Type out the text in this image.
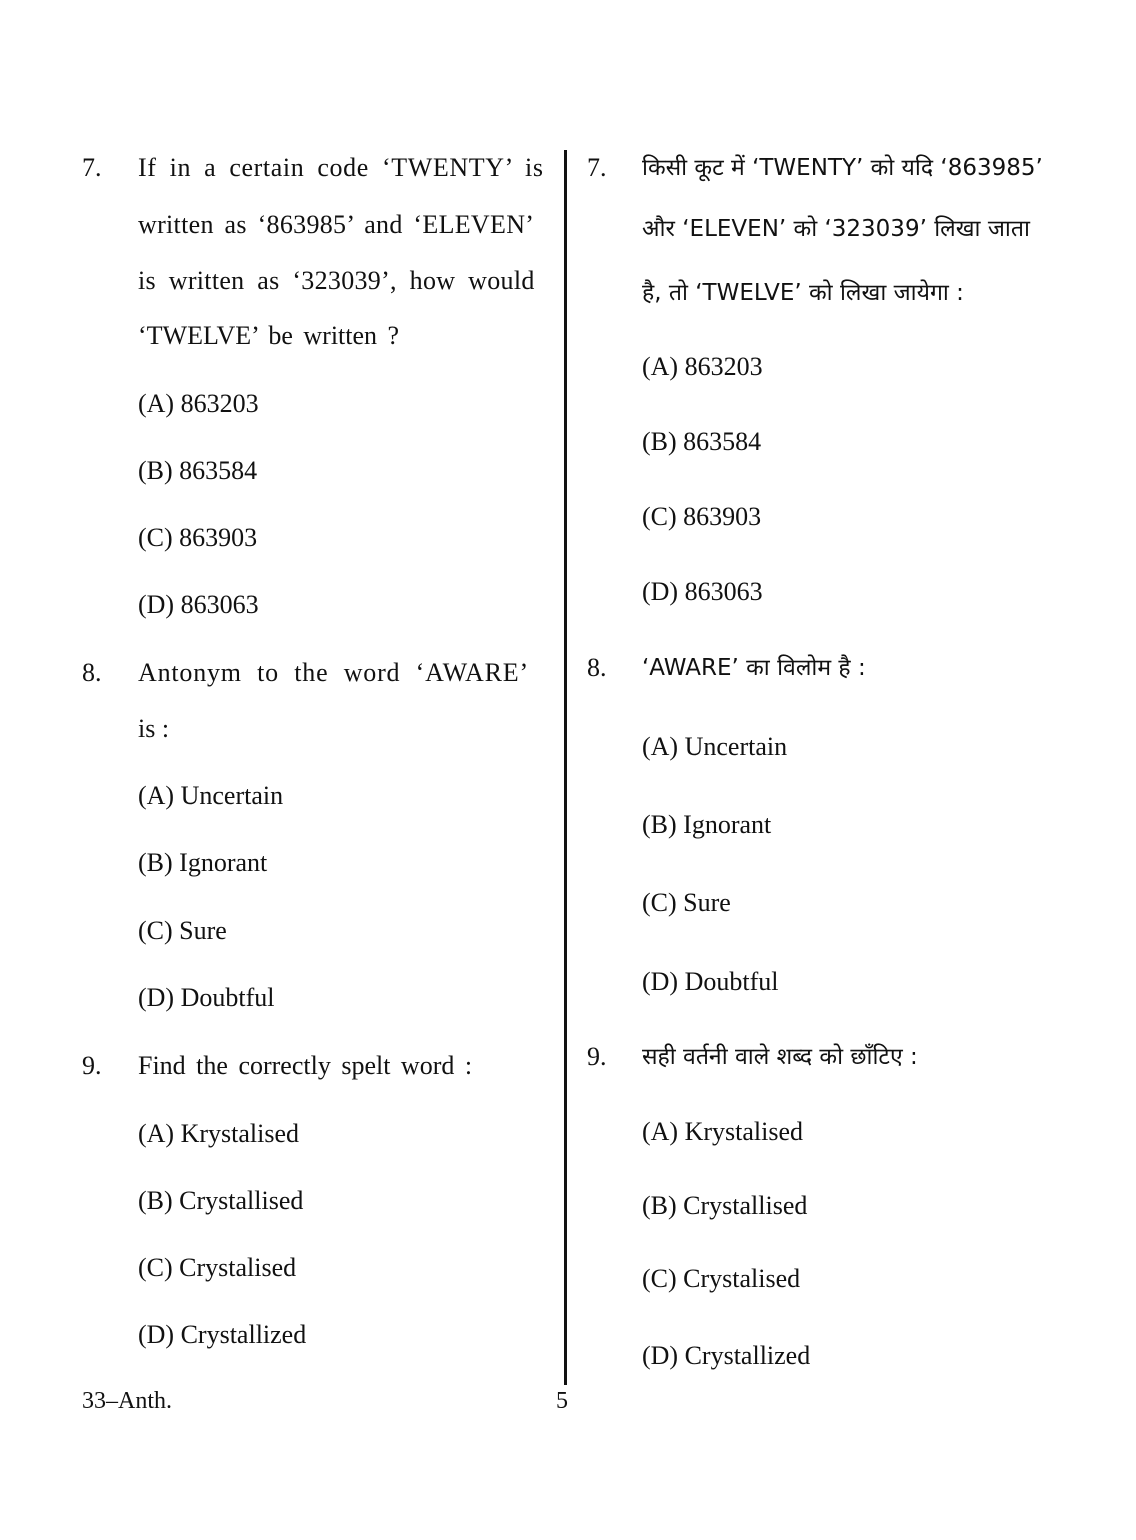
7. If in a certain code ‘TWENTY’ is
written as ‘863985’ and ‘ELEVEN’
is written as ‘323039’, how would
‘TWELVE’ be written ?
(A) 863203
(B) 863584
(C) 863903
(D) 863063
8. Antonym to the word ‘AWARE’
is :
(A) Uncertain
(B) Ignorant
(C) Sure
(D) Doubtful
9. Find the correctly spelt word :
(A) Krystalised
(B) Crystallised
(C) Crystalised
(D) Crystallized
7. किसी कूट में ‘TWENTY’ को यदि ‘863985’
और ‘ELEVEN’ को ‘323039’ लिखा जाता
है, तो ‘TWELVE’ को लिखा जायेगा :
(A) 863203
(B) 863584
(C) 863903
(D) 863063
8. ‘AWARE’ का विलोम है :
(A) Uncertain
(B) Ignorant
(C) Sure
(D) Doubtful
9. सही वर्तनी वाले शब्द को छाँटिए :
(A) Krystalised
(B) Crystallised
(C) Crystalised
(D) Crystallized
33–Anth.	5
